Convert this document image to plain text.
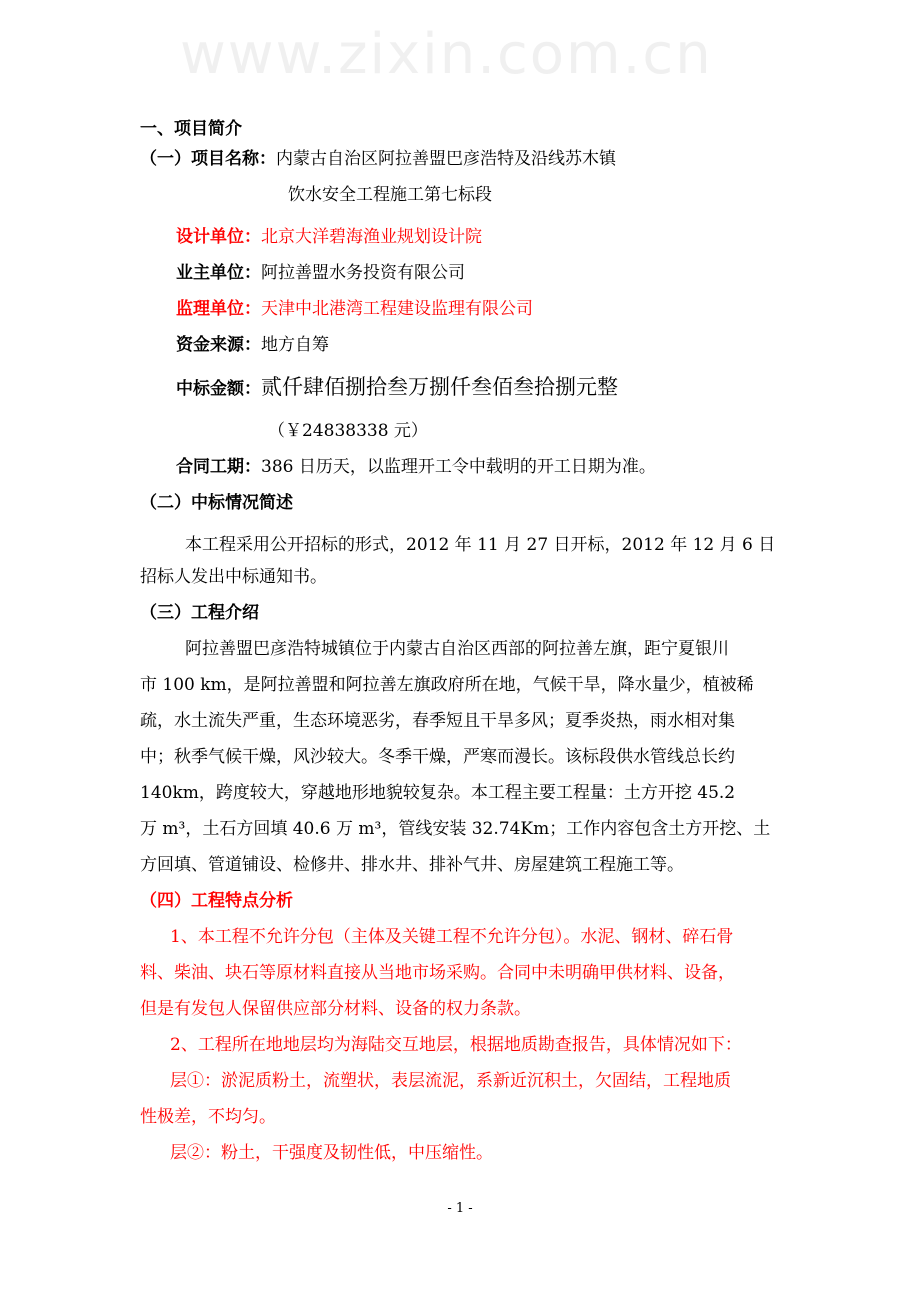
www.zixin.com.cn
一、项目简介
（一）项目名称：内蒙古自治区阿拉善盟巴彦浩特及沿线苏木镇
饮水安全工程施工第七标段
设计单位：北京大洋碧海渔业规划设计院
业主单位：阿拉善盟水务投资有限公司
监理单位：天津中北港湾工程建设监理有限公司
资金来源：地方自筹
中标金额：贰仟肆佰捌拾叁万捌仟叁佰叁拾捌元整
（￥24838338 元）
合同工期：386 日历天，以监理开工令中载明的开工日期为准。
（二）中标情况简述
本工程采用公开招标的形式，2012 年 11 月 27 日开标，2012 年 12 月 6 日
招标人发出中标通知书。
（三）工程介绍
阿拉善盟巴彦浩特城镇位于内蒙古自治区西部的阿拉善左旗，距宁夏银川
市 100 km，是阿拉善盟和阿拉善左旗政府所在地，气候干旱，降水量少，植被稀
疏，水土流失严重，生态环境恶劣，春季短且干旱多风；夏季炎热，雨水相对集
中；秋季气候干燥，风沙较大。冬季干燥，严寒而漫长。该标段供水管线总长约
140km，跨度较大，穿越地形地貌较复杂。本工程主要工程量：土方开挖 45.2
万 m³，土石方回填 40.6 万 m³，管线安装 32.74Km；工作内容包含土方开挖、土
方回填、管道铺设、检修井、排水井、排补气井、房屋建筑工程施工等。
（四）工程特点分析
1、本工程不允许分包（主体及关键工程不允许分包）。水泥、钢材、碎石骨
料、柴油、块石等原材料直接从当地市场采购。合同中未明确甲供材料、设备，
但是有发包人保留供应部分材料、设备的权力条款。
2、工程所在地地层均为海陆交互地层，根据地质勘查报告，具体情况如下：
层①：淤泥质粉土，流塑状，表层流泥，系新近沉积土，欠固结，工程地质
性极差，不均匀。
层②：粉土，干强度及韧性低，中压缩性。
- 1 -
